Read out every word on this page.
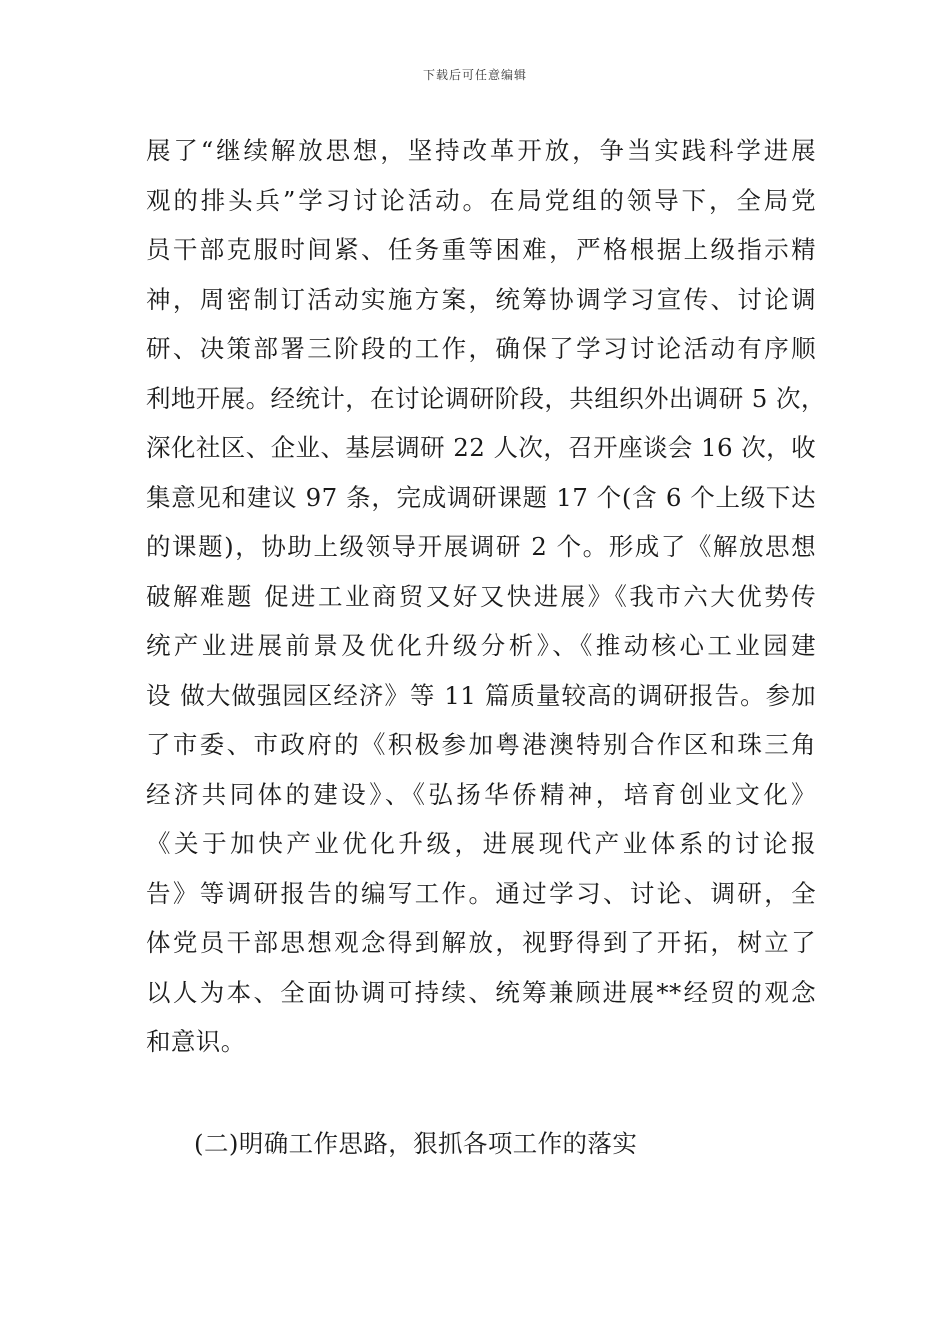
下载后可任意编辑
展了“继续解放思想，坚持改革开放，争当实践科学进展
观的排头兵”学习讨论活动。在局党组的领导下，全局党
员干部克服时间紧、任务重等困难，严格根据上级指示精
神，周密制订活动实施方案，统筹协调学习宣传、讨论调
研、决策部署三阶段的工作，确保了学习讨论活动有序顺
利地开展。经统计，在讨论调研阶段，共组织外出调研 5 次，
深化社区、企业、基层调研 22 人次，召开座谈会 16 次，收
集意见和建议 97 条，完成调研课题 17 个(含 6 个上级下达
的课题)，协助上级领导开展调研 2 个。形成了《解放思想
破解难题 促进工业商贸又好又快进展》《我市六大优势传
统产业进展前景及优化升级分析》、《推动核心工业园建
设 做大做强园区经济》等 11 篇质量较高的调研报告。参加
了市委、市政府的《积极参加粤港澳特别合作区和珠三角
经济共同体的建设》、《弘扬华侨精神，培育创业文化》
《关于加快产业优化升级，进展现代产业体系的讨论报
告》等调研报告的编写工作。通过学习、讨论、调研，全
体党员干部思想观念得到解放，视野得到了开拓，树立了
以人为本、全面协调可持续、统筹兼顾进展**经贸的观念
和意识。
(二)明确工作思路，狠抓各项工作的落实
